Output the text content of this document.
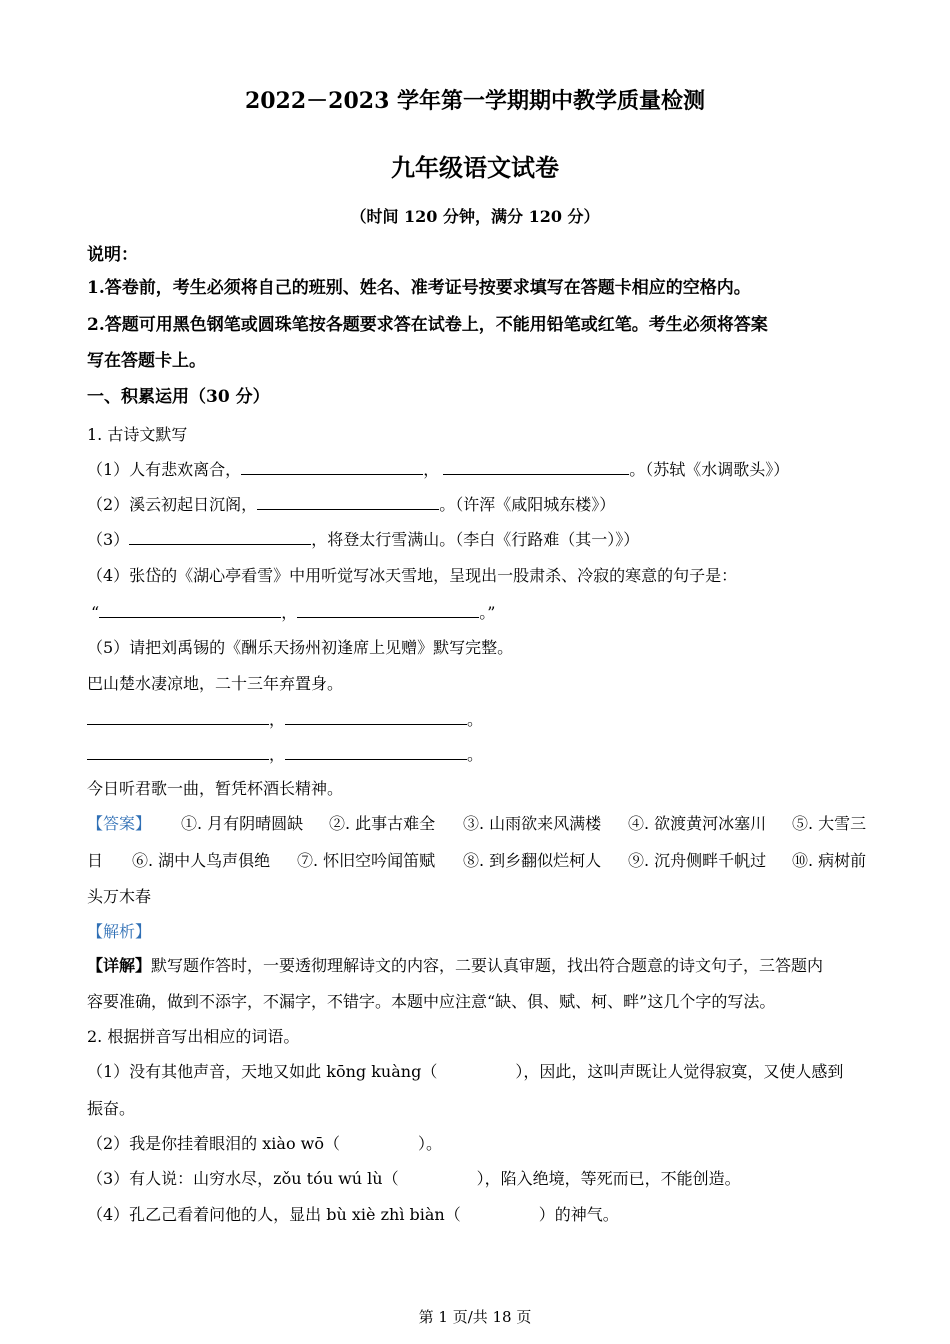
2022－2023 学年第一学期期中教学质量检测
九年级语文试卷
（时间 120 分钟，满分 120 分）
说明：
1.答卷前，考生必须将自己的班别、姓名、准考证号按要求填写在答题卡相应的空格内。
2.答题可用黑色钢笔或圆珠笔按各题要求答在试卷上，不能用铅笔或红笔。考生必须将答案
写在答题卡上。
一、积累运用（30 分）
1. 古诗文默写
（1）人有悲欢离合，	，	。（苏轼《水调歌头》）
（2）溪云初起日沉阁，	。（许浑《咸阳城东楼》）
（3）	，将登太行雪满山。（李白《行路难（其一）》）
（4）张岱的《湖心亭看雪》中用听觉写冰天雪地，呈现出一股肃杀、冷寂的寒意的句子是：
“	，	。”
（5）请把刘禹锡的《酬乐天扬州初逢席上见赠》默写完整。
巴山楚水凄凉地，二十三年弃置身。
，	。
，	。
今日听君歌一曲，暂凭杯酒长精神。
【答案】 ①. 月有阴晴圆缺 ②. 此事古难全 ③. 山雨欲来风满楼 ④. 欲渡黄河冰塞川 ⑤. 大雪三
日 ⑥. 湖中人鸟声俱绝 ⑦. 怀旧空吟闻笛赋 ⑧. 到乡翻似烂柯人 ⑨. 沉舟侧畔千帆过 ⑩. 病树前
头万木春
【解析】
【详解】默写题作答时，一要透彻理解诗文的内容，二要认真审题，找出符合题意的诗文句子，三答题内
容要准确，做到不添字，不漏字，不错字。本题中应注意“缺、俱、赋、柯、畔”这几个字的写法。
2. 根据拼音写出相应的词语。
（1）没有其他声音，天地又如此 kōng kuàng（	），因此，这叫声既让人觉得寂寞，又使人感到
振奋。
（2）我是你挂着眼泪的 xiào wō（	）。
（3）有人说：山穷水尽，zǒu tóu wú lù（	），陷入绝境，等死而已，不能创造。
（4）孔乙己看着问他的人，显出 bù xiè zhì biàn（	）的神气。
第 1 页/共 18 页
